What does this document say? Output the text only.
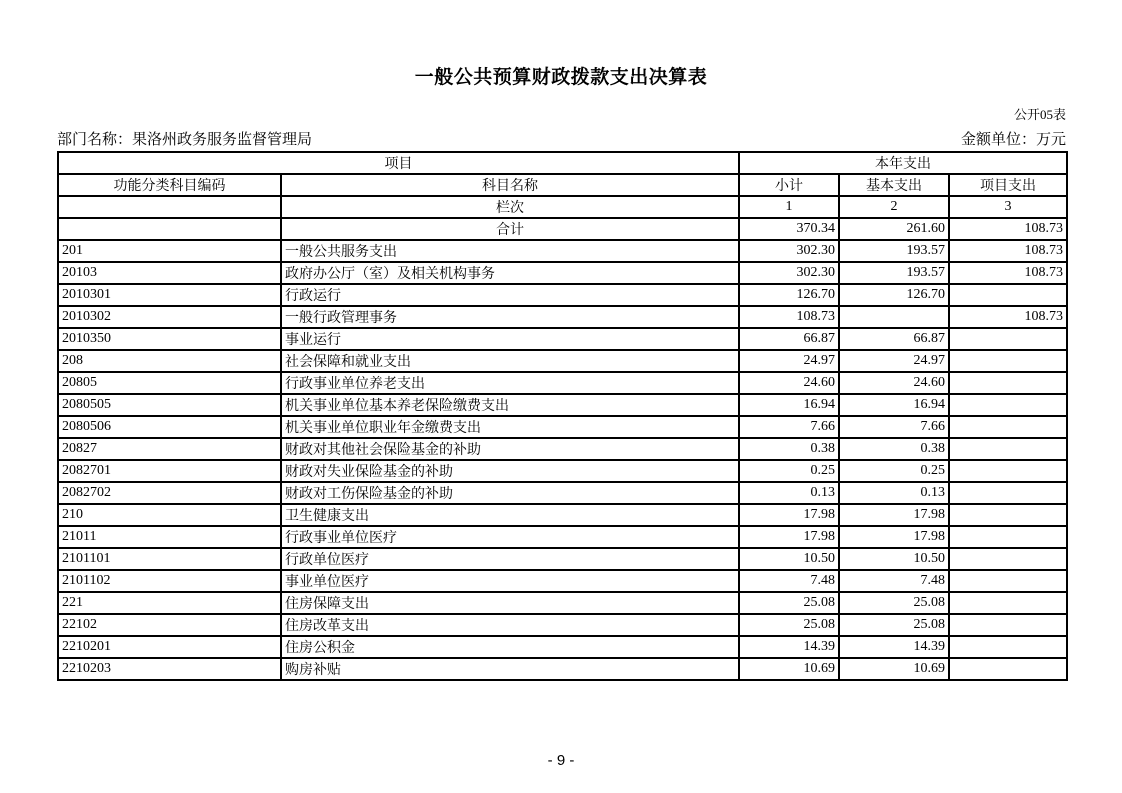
一般公共预算财政拨款支出决算表
公开05表
部门名称：果洛州政务服务监督管理局	金额单位：万元
项目		本年支出		
功能分类科目编码	科目名称	小计	基本支出	项目支出
	栏次	1	2	3
	合计	370.34	261.60	108.73
201	一般公共服务支出	302.30	193.57	108.73
20103	政府办公厅（室）及相关机构事务	302.30	193.57	108.73
2010301	行政运行	126.70	126.70	
2010302	一般行政管理事务	108.73		108.73
2010350	事业运行	66.87	66.87	
208	社会保障和就业支出	24.97	24.97	
20805	行政事业单位养老支出	24.60	24.60	
2080505	机关事业单位基本养老保险缴费支出	16.94	16.94	
2080506	机关事业单位职业年金缴费支出	7.66	7.66	
20827	财政对其他社会保险基金的补助	0.38	0.38	
2082701	财政对失业保险基金的补助	0.25	0.25	
2082702	财政对工伤保险基金的补助	0.13	0.13	
210	卫生健康支出	17.98	17.98	
21011	行政事业单位医疗	17.98	17.98	
2101101	行政单位医疗	10.50	10.50	
2101102	事业单位医疗	7.48	7.48	
221	住房保障支出	25.08	25.08	
22102	住房改革支出	25.08	25.08	
2210201	住房公积金	14.39	14.39	
2210203	购房补贴	10.69	10.69	
- 9 -
